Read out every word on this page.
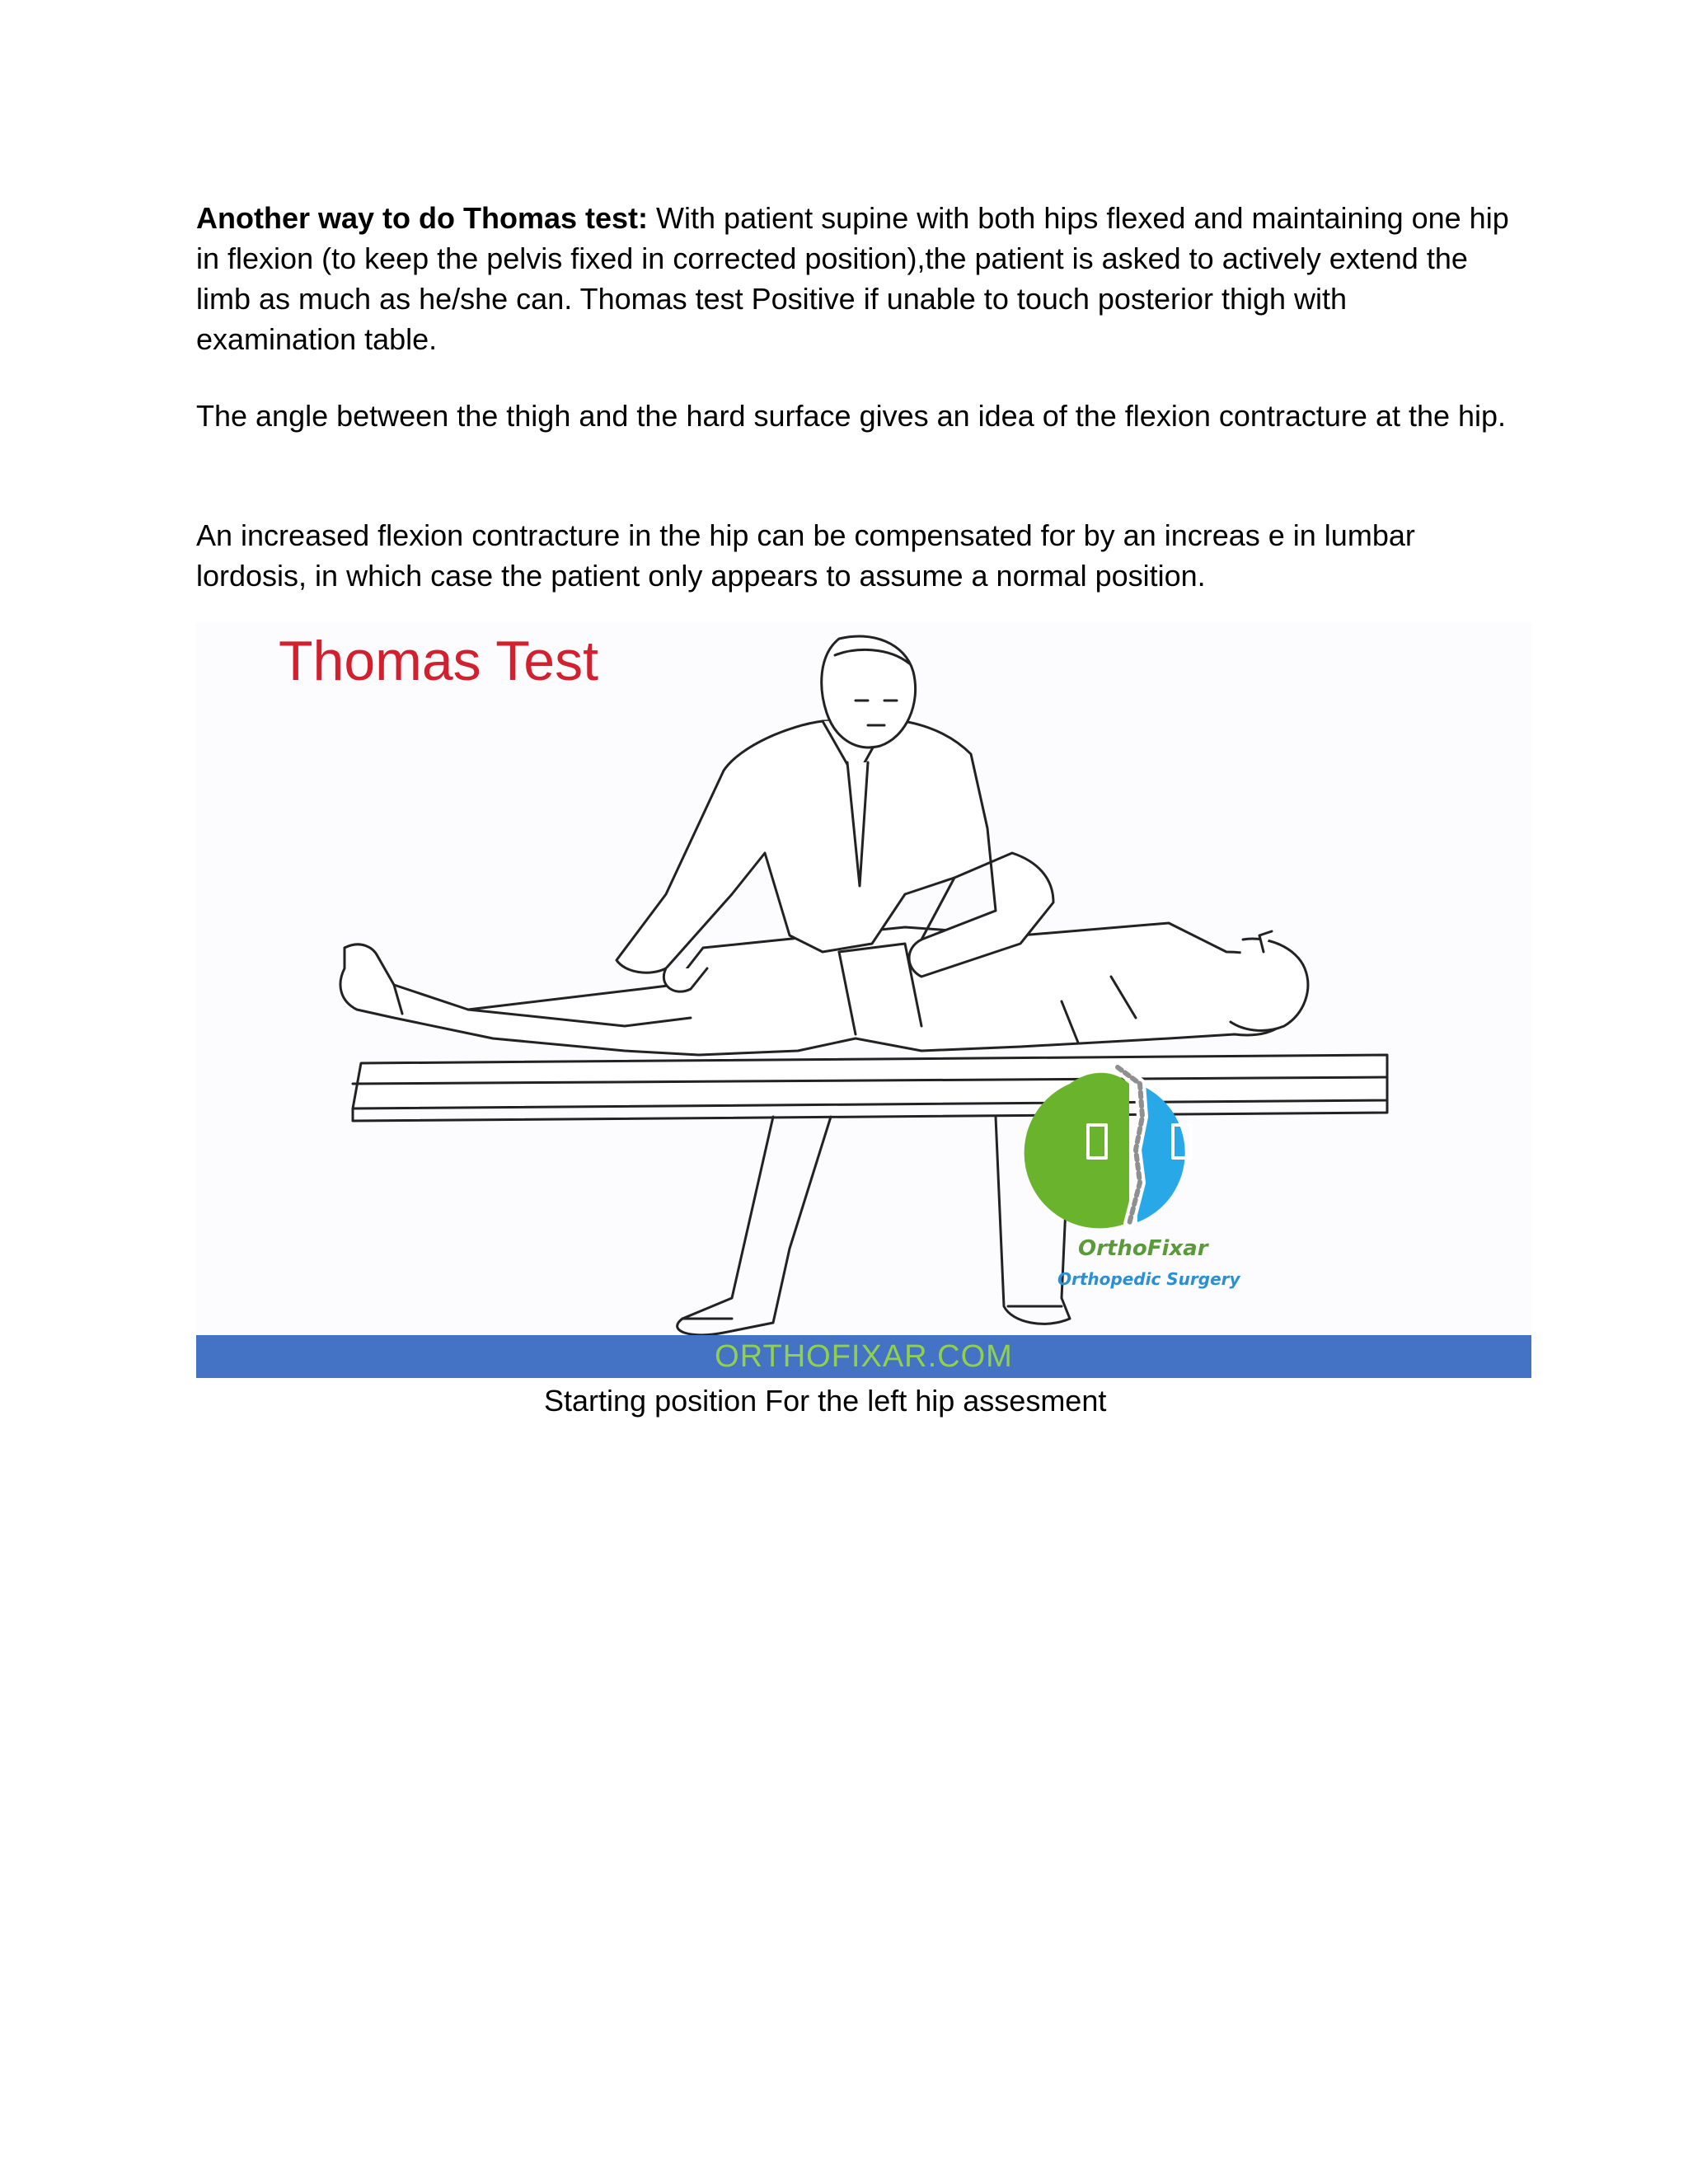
Another way to do Thomas test: With patient supine with both hips flexed and maintaining one hip in flexion (to keep the pelvis fixed in corrected position),the patient is asked to actively extend the limb as much as he/she can. Thomas test Positive if unable to touch posterior thigh with examination table.

The angle between the thigh and the hard surface gives an idea of the flexion contracture at the hip.

An increased flexion contracture in the hip can be compensated for by an increas e in lumbar lordosis, in which case the patient only appears to assume a normal position.

Thomas Test
OrthoFixar
Orthopedic Surgery
ORTHOFIXAR.COM

Starting position For the left hip assesment
